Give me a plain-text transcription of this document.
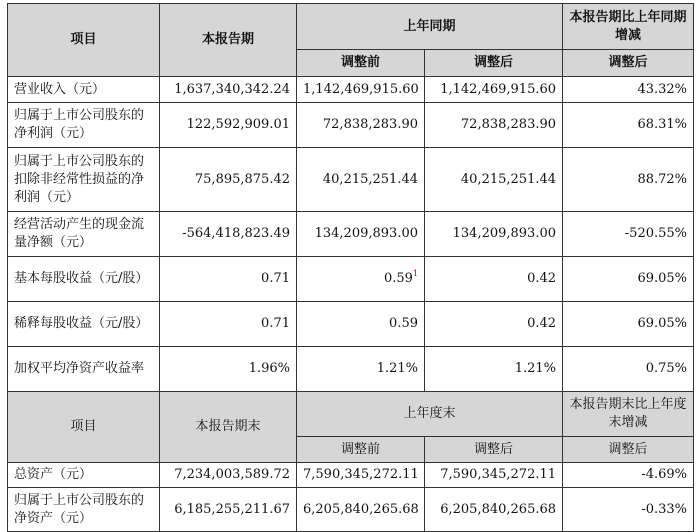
项目	本报告期	上年同期		本报告期比上年同期增减
		调整前	调整后	调整后
营业收入（元）	1,637,340,342.24	1,142,469,915.60	1,142,469,915.60	43.32%
归属于上市公司股东的净利润（元）	122,592,909.01	72,838,283.90	72,838,283.90	68.31%
归属于上市公司股东的扣除非经常性损益的净利润（元）	75,895,875.42	40,215,251.44	40,215,251.44	88.72%
经营活动产生的现金流量净额（元）	-564,418,823.49	134,209,893.00	134,209,893.00	-520.55%
基本每股收益（元/股）	0.71	0.59$^1$	0.42	69.05%
稀释每股收益（元/股）	0.71	0.59	0.42	69.05%
加权平均净资产收益率	1.96%	1.21%	1.21%	0.75%
项目	本报告期末	上年度末		本报告期末比上年度末增减
		调整前	调整后	调整后
总资产（元）	7,234,003,589.72	7,590,345,272.11	7,590,345,272.11	-4.69%
归属于上市公司股东的净资产（元）	6,185,255,211.67	6,205,840,265.68	6,205,840,265.68	-0.33%
